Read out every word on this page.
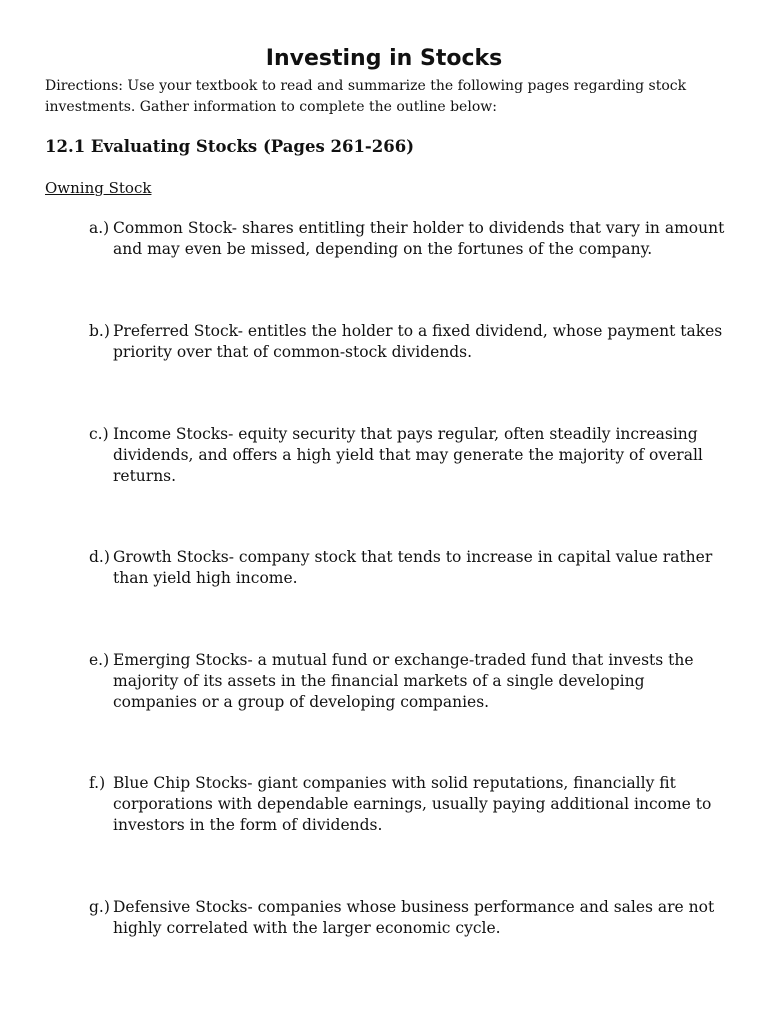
Investing in Stocks

Directions: Use your textbook to read and summarize the following pages regarding stock investments. Gather information to complete the outline below:

12.1 Evaluating Stocks (Pages 261-266)

Owning Stock

a.) Common Stock- shares entitling their holder to dividends that vary in amount and may even be missed, depending on the fortunes of the company.
b.) Preferred Stock- entitles the holder to a fixed dividend, whose payment takes priority over that of common-stock dividends.
c.) Income Stocks- equity security that pays regular, often steadily increasing dividends, and offers a high yield that may generate the majority of overall returns.
d.) Growth Stocks- company stock that tends to increase in capital value rather than yield high income.
e.) Emerging Stocks- a mutual fund or exchange-traded fund that invests the majority of its assets in the financial markets of a single developing companies or a group of developing companies.
f.) Blue Chip Stocks- giant companies with solid reputations, financially fit corporations with dependable earnings, usually paying additional income to investors in the form of dividends.
g.) Defensive Stocks- companies whose business performance and sales are not highly correlated with the larger economic cycle.
